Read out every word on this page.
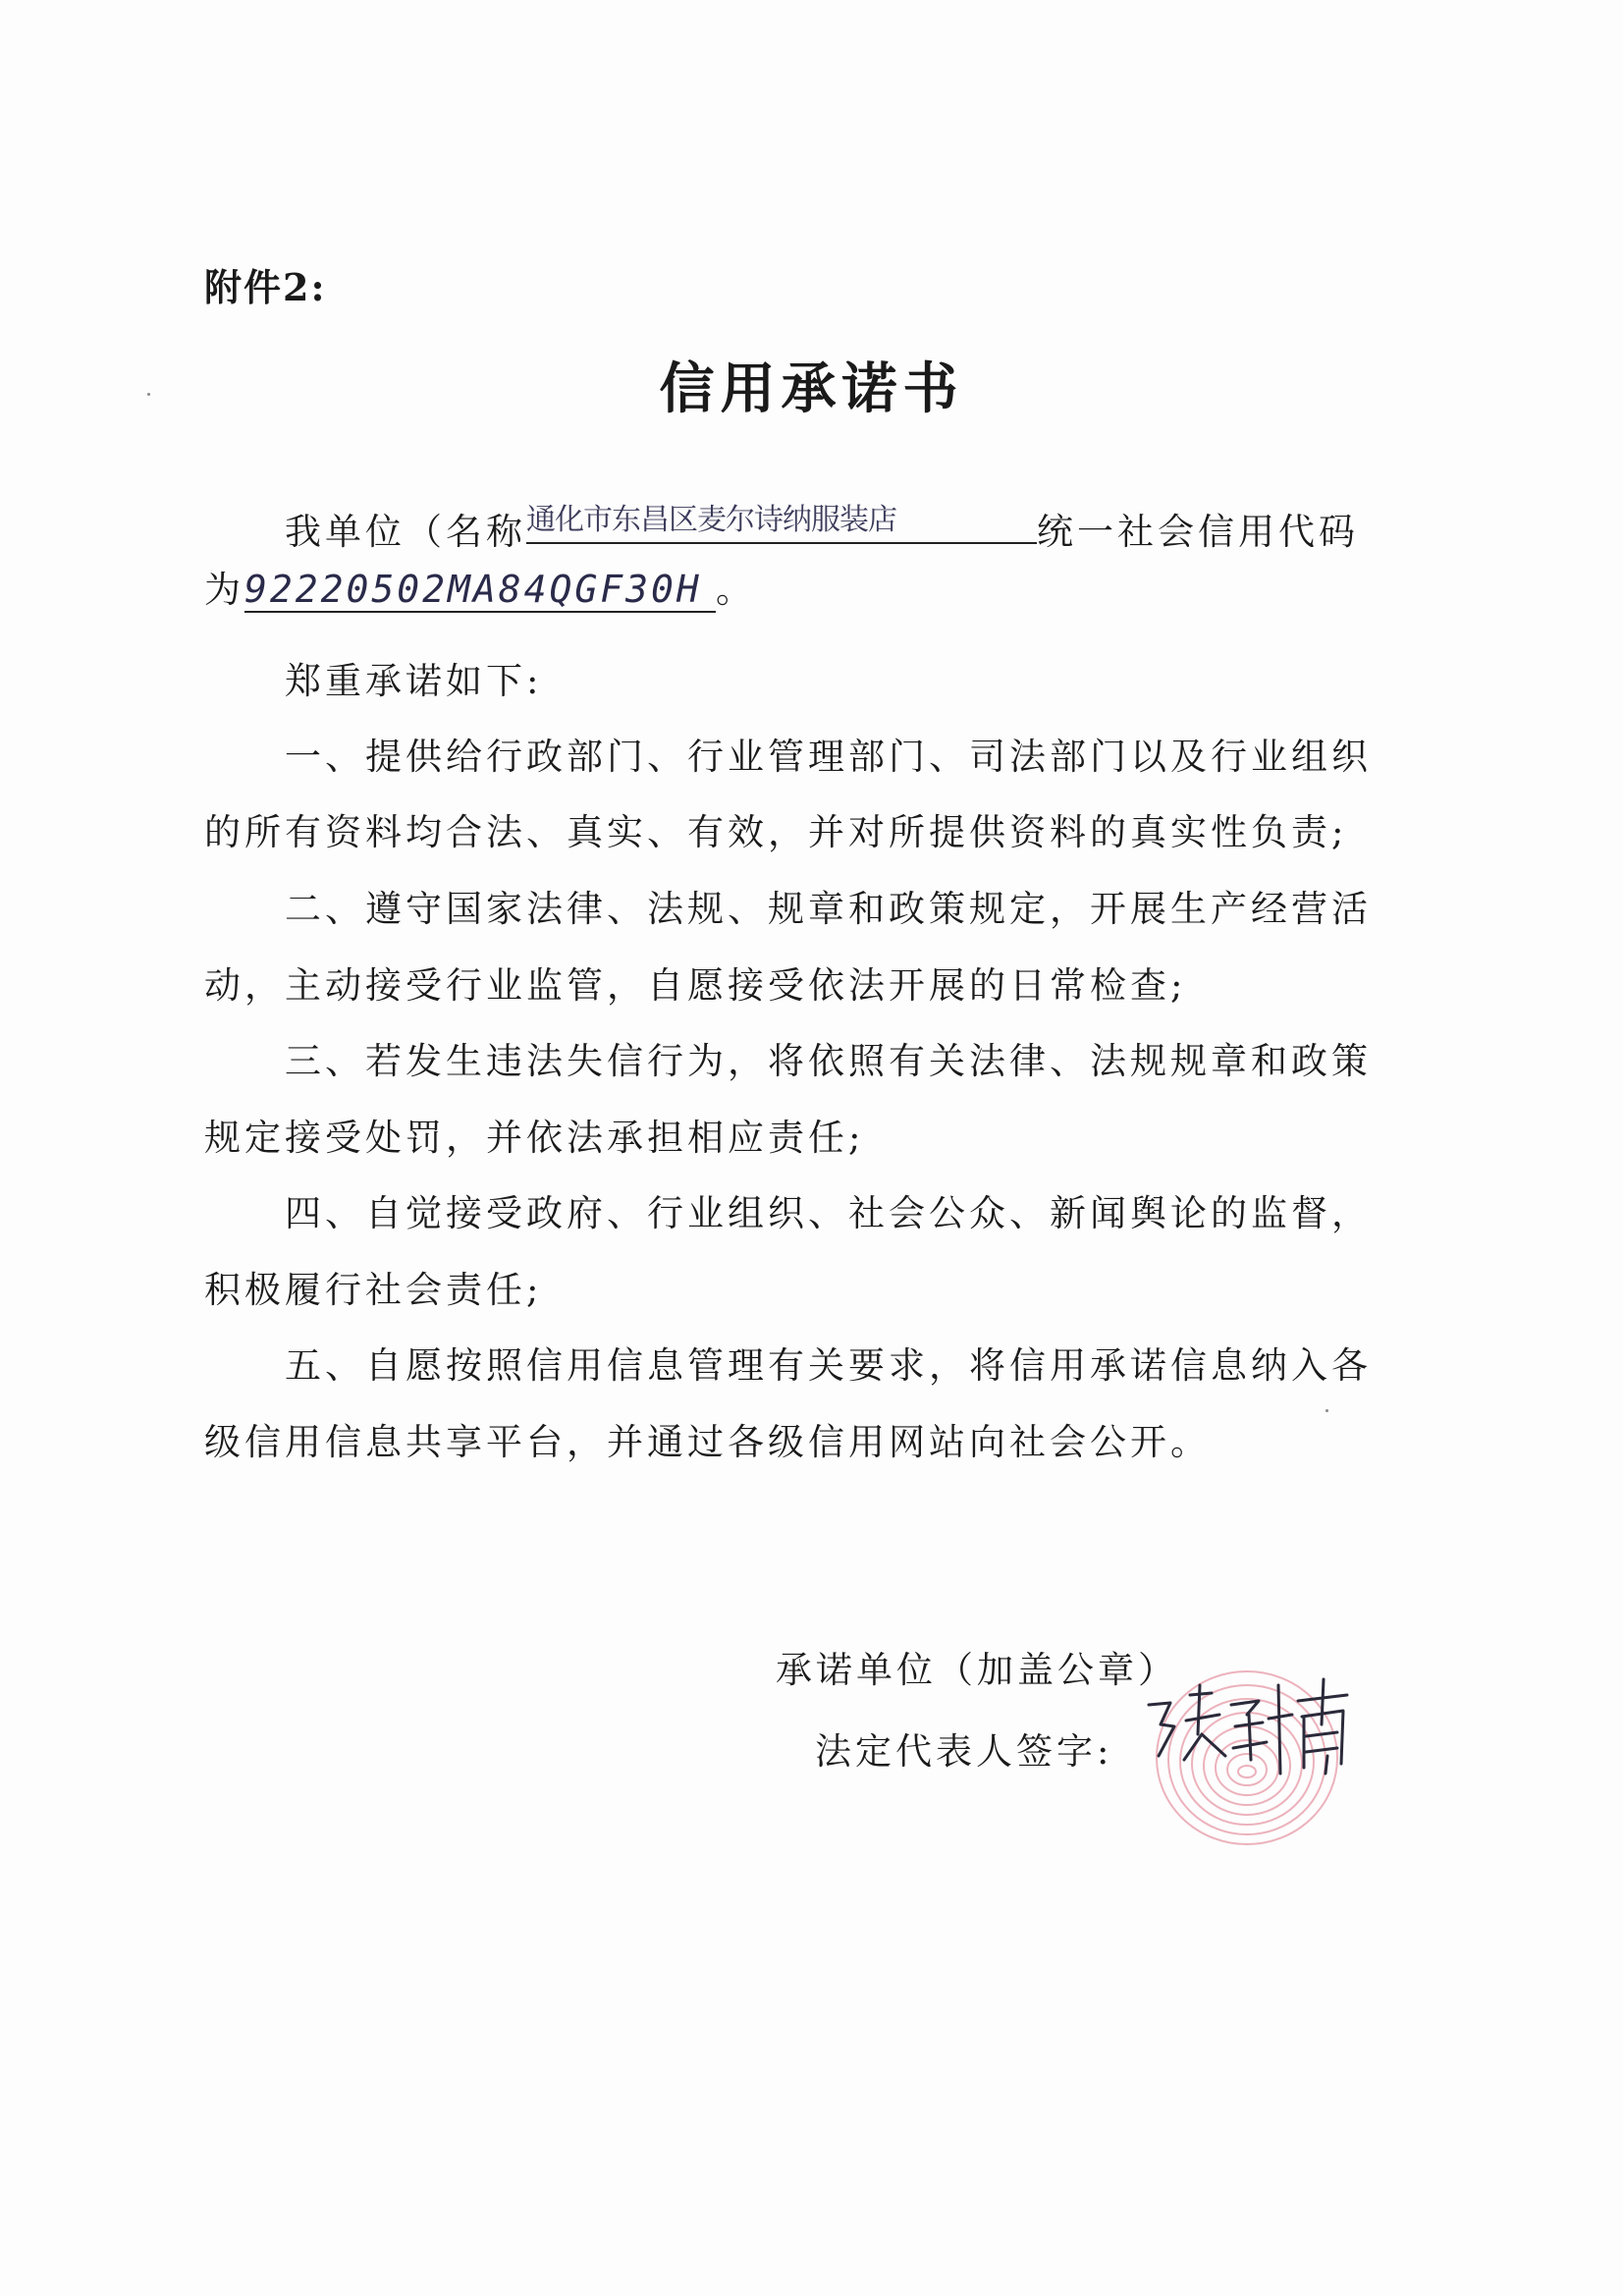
附件2:
信用承诺书
我单位（名称通化市东昌区麦尔诗纳服装店	统一社会信用代码
为92220502MA84QGF30H 。
郑重承诺如下:
一、提供给行政部门、行业管理部门、司法部门以及行业组织
的所有资料均合法、真实、有效，并对所提供资料的真实性负责;
二、遵守国家法律、法规、规章和政策规定，开展生产经营活
动，主动接受行业监管，自愿接受依法开展的日常检查;
三、若发生违法失信行为，将依照有关法律、法规规章和政策
规定接受处罚，并依法承担相应责任;
四、自觉接受政府、行业组织、社会公众、新闻舆论的监督，
积极履行社会责任;
五、自愿按照信用信息管理有关要求，将信用承诺信息纳入各
级信用信息共享平台，并通过各级信用网站向社会公开。
承诺单位（加盖公章）
法定代表人签字:
